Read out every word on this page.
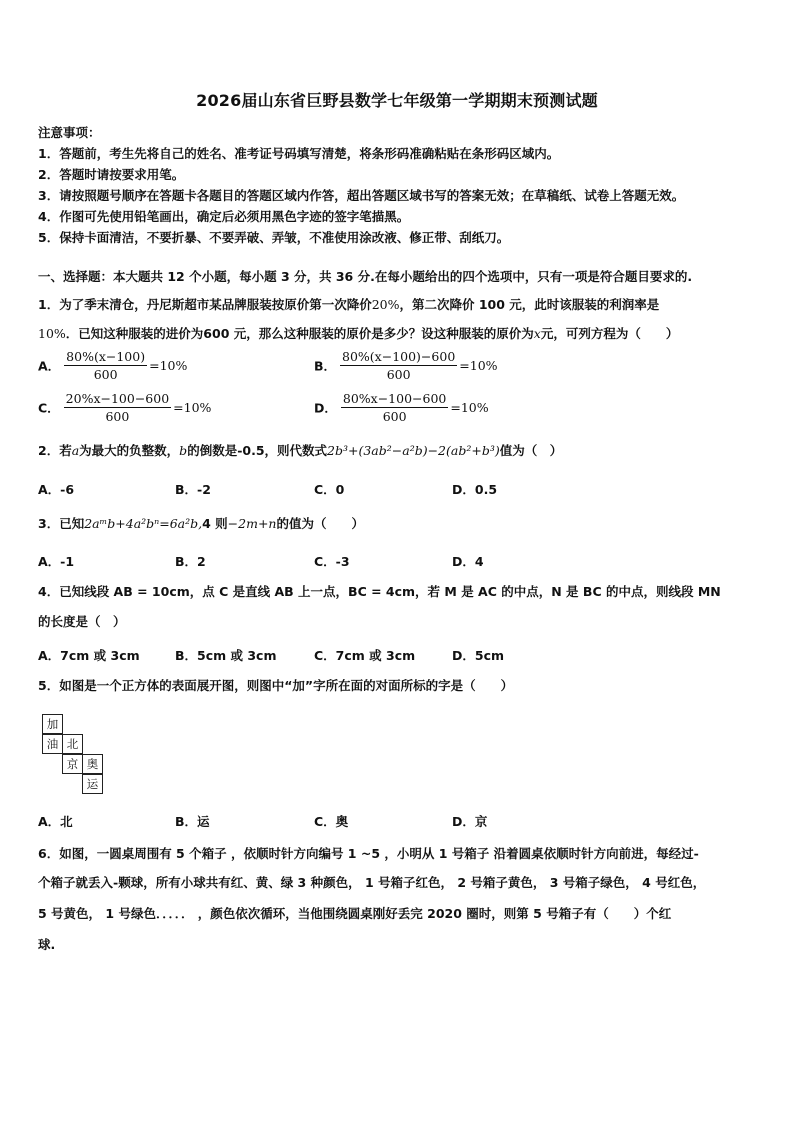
2026届山东省巨野县数学七年级第一学期期末预测试题
注意事项：
1．答题前，考生先将自己的姓名、准考证号码填写清楚，将条形码准确粘贴在条形码区域内。
2．答题时请按要求用笔。
3．请按照题号顺序在答题卡各题目的答题区域内作答，超出答题区域书写的答案无效；在草稿纸、试卷上答题无效。
4．作图可先使用铅笔画出，确定后必须用黑色字迹的签字笔描黑。
5．保持卡面清洁，不要折暴、不要弄破、弄皱，不准使用涂改液、修正带、刮纸刀。
一、选择题：本大题共 12 个小题，每小题 3 分，共 36 分.在每小题给出的四个选项中，只有一项是符合题目要求的.
1．为了季末清仓，丹尼斯超市某品牌服装按原价第一次降价20%，第二次降价 100 元，此时该服装的利润率是
10%．已知这种服装的进价为600 元，那么这种服装的原价是多少？设这种服装的原价为x元，可列方程为（　　）
A． $\frac{80\%(x-100)}{600} =10\%$	B． $\frac{80\%(x-100)-600}{600} =10\%$
C． $\frac{20\%x-100-600}{600} =10\%$	D． $\frac{80\%x-100-600}{600} =10\%$
2．若a为最大的负整数，b的倒数是-0.5，则代数式2b³+(3ab²−a²b)−2(ab²+b³)值为（　）
A．-6	B．-2	C．0	D．0.5
3．已知2aᵐb+4a²bⁿ=6a²b,4 则−2m+n的值为（　　）
A．-1	B．2	C．-3	D．4
4．已知线段 AB = 10cm，点 C 是直线 AB 上一点，BC = 4cm，若 M 是 AC 的中点，N 是 BC 的中点，则线段 MN
的长度是（　）
A．7cm 或 3cm	B．5cm 或 3cm	C．7cm 或 3cm	D．5cm
5．如图是一个正方体的表面展开图，则图中“加”字所在面的对面所标的字是（　　）
加
油 北
京 奥
运
A．北	B．运	C．奥	D．京
6．如图，一圆桌周围有 5 个箱子 ，依顺时针方向编号 1 ~5 ，小明从 1 号箱子 沿着圆桌依顺时针方向前进，每经过-
个箱子就丢入-颗球，所有小球共有红、黄、绿 3 种颜色， 1 号箱子红色， 2 号箱子黄色， 3 号箱子绿色， 4 号红色，
5 号黄色， 1 号绿色．．．．． ，颜色依次循环，当他围绕圆桌刚好丢完 2020 圈时，则第 5 号箱子有（　　）个红
球.
